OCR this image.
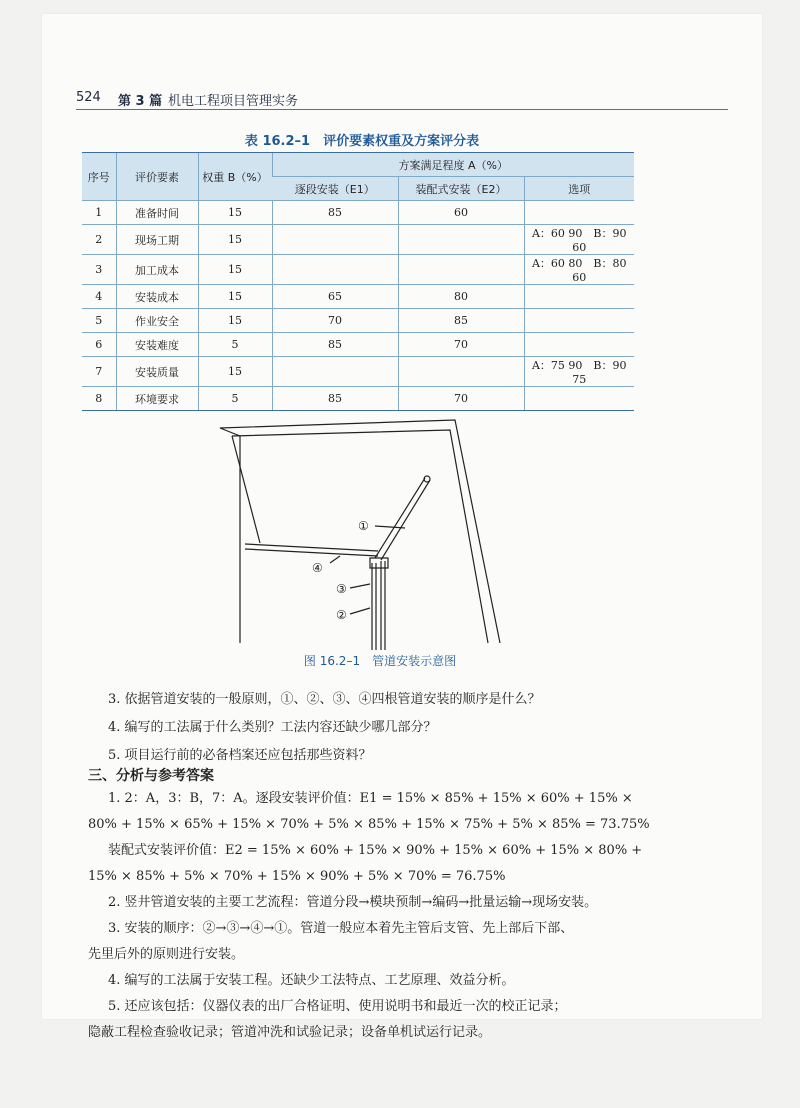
524 第 3 篇 机电工程项目管理实务
表 16.2–1　评价要素权重及方案评分表
序号	评价要素	权重 B（%）	方案满足程度 A（%）		
			逐段安装（E1）	装配式安装（E2）	选项
1	准备时间	15	85	60	
2	现场工期	15			A：60 90　B：90 60
3	加工成本	15			A：60 80　B：80 60
4	安装成本	15	65	80	
5	作业安全	15	70	85	
6	安装难度	5	85	70	
7	安装质量	15			A：75 90　B：90 75
8	环境要求	5	85	70	
①
④
③
②
图 16.2–1　管道安装示意图
3. 依据管道安装的一般原则，①、②、③、④四根管道安装的顺序是什么？
4. 编写的工法属于什么类别？工法内容还缺少哪几部分？
5. 项目运行前的必备档案还应包括那些资料？
三、分析与参考答案
1. 2：A，3：B，7：A。逐段安装评价值：E1 = 15% × 85% + 15% × 60% + 15% ×
80% + 15% × 65% + 15% × 70% + 5% × 85% + 15% × 75% + 5% × 85% = 73.75%
装配式安装评价值：E2 = 15% × 60% + 15% × 90% + 15% × 60% + 15% × 80% +
15% × 85% + 5% × 70% + 15% × 90% + 5% × 70% = 76.75%
2. 竖井管道安装的主要工艺流程：管道分段→模块预制→编码→批量运输→现场安装。
3. 安装的顺序：②→③→④→①。管道一般应本着先主管后支管、先上部后下部、
先里后外的原则进行安装。
4. 编写的工法属于安装工程。还缺少工法特点、工艺原理、效益分析。
5. 还应该包括：仪器仪表的出厂合格证明、使用说明书和最近一次的校正记录；
隐蔽工程检查验收记录；管道冲洗和试验记录；设备单机试运行记录。
